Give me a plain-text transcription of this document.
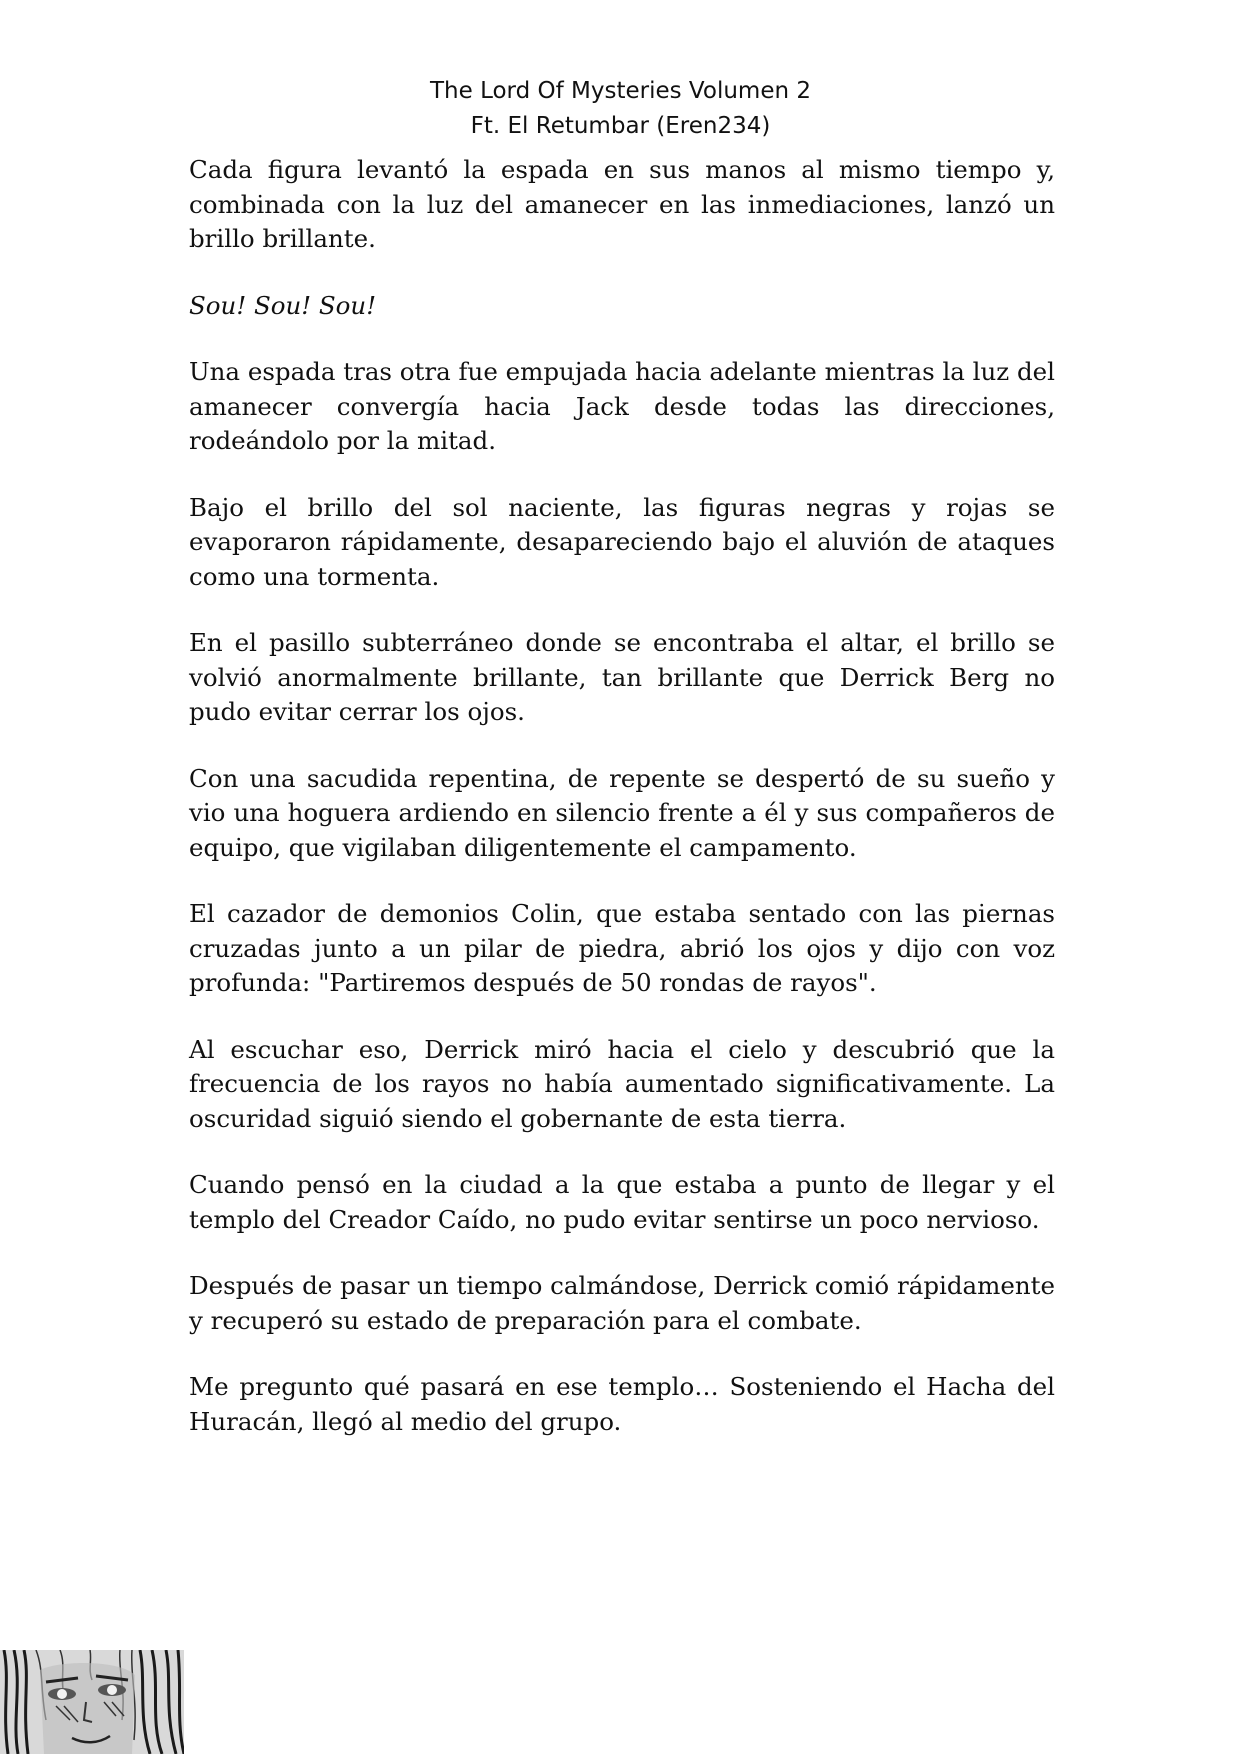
The Lord Of Mysteries Volumen 2
Ft. El Retumbar (Eren234)

Cada figura levantó la espada en sus manos al mismo tiempo y, combinada con la luz del amanecer en las inmediaciones, lanzó un brillo brillante.

Sou! Sou! Sou!

Una espada tras otra fue empujada hacia adelante mientras la luz del amanecer convergía hacia Jack desde todas las direcciones, rodeándolo por la mitad.

Bajo el brillo del sol naciente, las figuras negras y rojas se evaporaron rápidamente, desapareciendo bajo el aluvión de ataques como una tormenta.

En el pasillo subterráneo donde se encontraba el altar, el brillo se volvió anormalmente brillante, tan brillante que Derrick Berg no pudo evitar cerrar los ojos.

Con una sacudida repentina, de repente se despertó de su sueño y vio una hoguera ardiendo en silencio frente a él y sus compañeros de equipo, que vigilaban diligentemente el campamento.

El cazador de demonios Colin, que estaba sentado con las piernas cruzadas junto a un pilar de piedra, abrió los ojos y dijo con voz profunda: "Partiremos después de 50 rondas de rayos".

Al escuchar eso, Derrick miró hacia el cielo y descubrió que la frecuencia de los rayos no había aumentado significativamente. La oscuridad siguió siendo el gobernante de esta tierra.

Cuando pensó en la ciudad a la que estaba a punto de llegar y el templo del Creador Caído, no pudo evitar sentirse un poco nervioso.

Después de pasar un tiempo calmándose, Derrick comió rápidamente y recuperó su estado de preparación para el combate.

Me pregunto qué pasará en ese templo… Sosteniendo el Hacha del Huracán, llegó al medio del grupo.
